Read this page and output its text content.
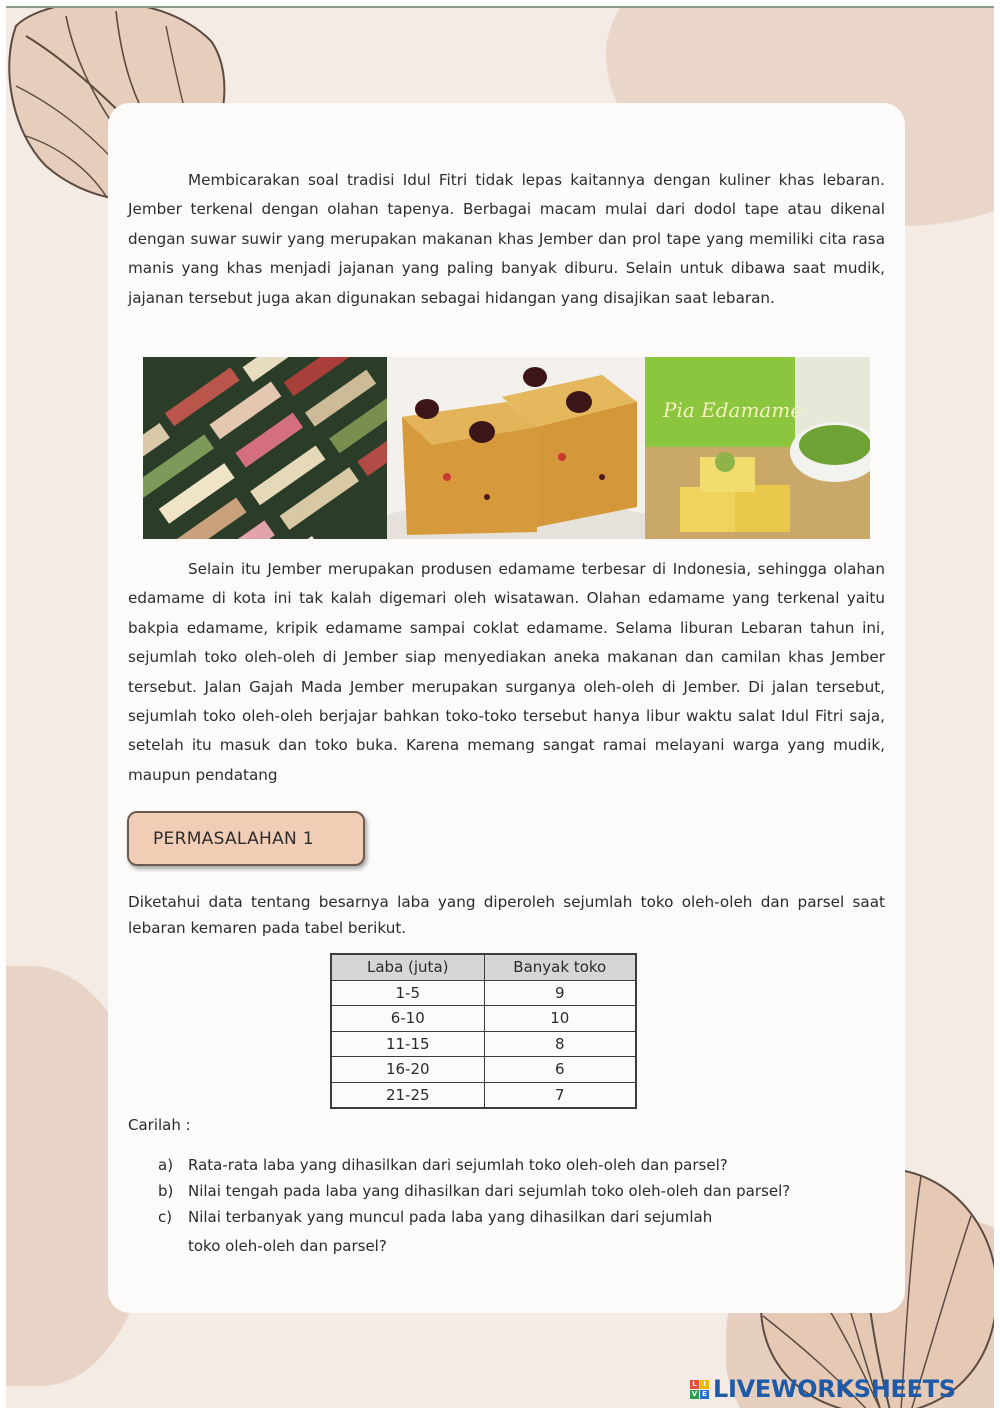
Membicarakan soal tradisi Idul Fitri tidak lepas kaitannya dengan kuliner khas lebaran. Jember terkenal dengan olahan tapenya. Berbagai macam mulai dari dodol tape atau dikenal dengan suwar suwir yang merupakan makanan khas Jember dan prol tape yang memiliki cita rasa manis yang khas menjadi jajanan yang paling banyak diburu. Selain untuk dibawa saat mudik, jajanan tersebut juga akan digunakan sebagai hidangan yang disajikan saat lebaran.

Pia Edamame

Selain itu Jember merupakan produsen edamame terbesar di Indonesia, sehingga olahan edamame di kota ini tak kalah digemari oleh wisatawan. Olahan edamame yang terkenal yaitu bakpia edamame, kripik edamame sampai coklat edamame. Selama liburan Lebaran tahun ini, sejumlah toko oleh-oleh di Jember siap menyediakan aneka makanan dan camilan khas Jember tersebut. Jalan Gajah Mada Jember merupakan surganya oleh-oleh di Jember. Di jalan tersebut, sejumlah toko oleh-oleh berjajar bahkan toko-toko tersebut hanya libur waktu salat Idul Fitri saja, setelah itu masuk dan toko buka. Karena memang sangat ramai melayani warga yang mudik, maupun pendatang

PERMASALAHAN 1

Diketahui data tentang besarnya laba yang diperoleh sejumlah toko oleh-oleh dan parsel saat lebaran kemaren pada tabel berikut.

Laba (juta)	Banyak toko
1-5	9
6-10	10
11-15	8
16-20	6
21-25	7
Carilah :
a) Rata-rata laba yang dihasilkan dari sejumlah toko oleh-oleh dan parsel?
b) Nilai tengah pada laba yang dihasilkan dari sejumlah toko oleh-oleh dan parsel?
c) Nilai terbanyak yang muncul pada laba yang dihasilkan dari sejumlah
toko oleh-oleh dan parsel?
L I
V E LIVEWORKSHEETS
